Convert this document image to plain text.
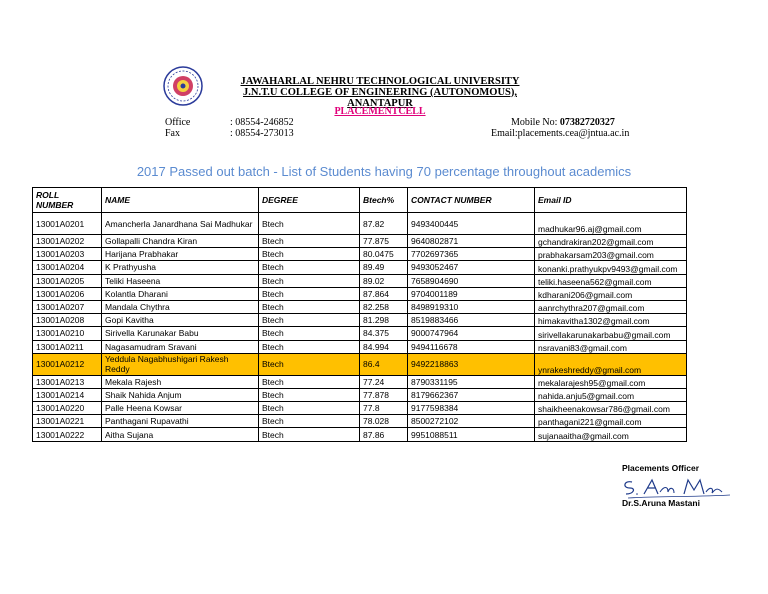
JAWAHARLAL NEHRU TECHNOLOGICAL UNIVERSITY
J.N.T.U COLLEGE OF ENGINEERING (AUTONOMOUS), ANANTAPUR
PLACEMENTCELL
Office	: 08554-246852
Fax	: 08554-273013
Mobile No: 07382720327
Email:placements.cea@jntua.ac.in
2017 Passed out batch - List of Students having 70 percentage throughout academics
ROLL NUMBER	NAME	DEGREE	Btech%	CONTACT NUMBER	Email ID
13001A0201	Amancherla Janardhana Sai Madhukar	Btech	87.82	9493400445	madhukar96.aj@gmail.com
13001A0202	Gollapalli Chandra Kiran	Btech	77.875	9640802871	gchandrakiran202@gmail.com
13001A0203	Harijana Prabhakar	Btech	80.0475	7702697365	prabhakarsam203@gmail.com
13001A0204	K Prathyusha	Btech	89.49	9493052467	konanki.prathyukpv9493@gmail.com
13001A0205	Teliki Haseena	Btech	89.02	7658904690	teliki.haseena562@gmail.com
13001A0206	Kolantla Dharani	Btech	87.864	9704001189	kdharani206@gmail.com
13001A0207	Mandala Chythra	Btech	82.258	8498919310	aanrchythra207@gmail.com
13001A0208	Gopi Kavitha	Btech	81.298	8519883466	himakavitha1302@gmail.com
13001A0210	Sirivella Karunakar Babu	Btech	84.375	9000747964	sirivellakarunakarbabu@gmail.com
13001A0211	Nagasamudram Sravani	Btech	84.994	9494116678	nsravani83@gmail.com
13001A0212	Yeddula Nagabhushigari Rakesh Reddy	Btech	86.4	9492218863	ynrakeshreddy@gmail.com
13001A0213	Mekala Rajesh	Btech	77.24	8790331195	mekalarajesh95@gmail.com
13001A0214	Shaik Nahida Anjum	Btech	77.878	8179662367	nahida.anju5@gmail.com
13001A0220	Palle Heena Kowsar	Btech	77.8	9177598384	shaikheenakowsar786@gmail.com
13001A0221	Panthagani Rupavathi	Btech	78.028	8500272102	panthagani221@gmail.com
13001A0222	Aitha Sujana	Btech	87.86	9951088511	sujanaaitha@gmail.com
Placements Officer
Dr.S.Aruna Mastani
